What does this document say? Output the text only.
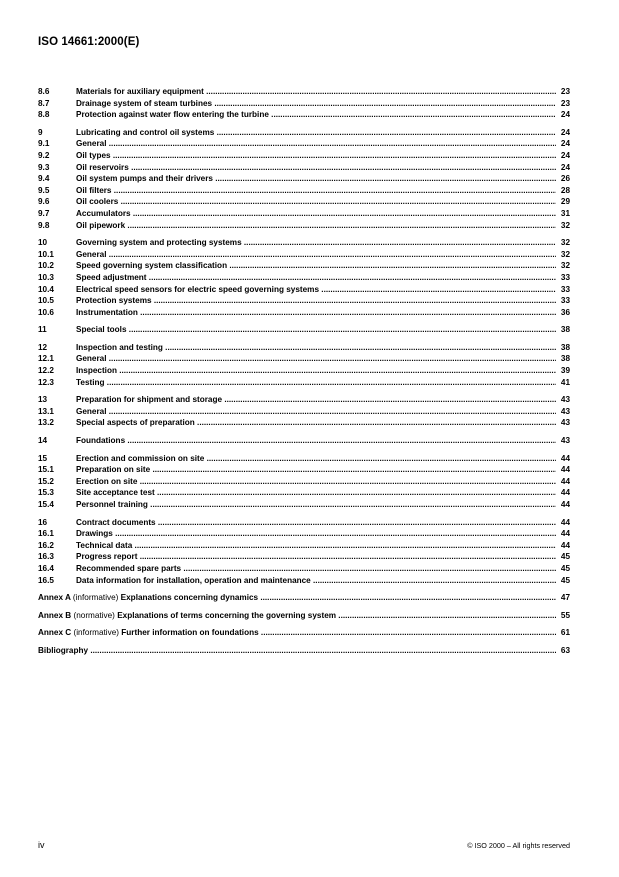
ISO 14661:2000(E)
8.6	Materials for auxiliary equipment .....	23
8.7	Drainage system of steam turbines .....	23
8.8	Protection against water flow entering the turbine .....	24
9	Lubricating and control oil systems .....	24
9.1	General .....	24
9.2	Oil types .....	24
9.3	Oil reservoirs .....	24
9.4	Oil system pumps and their drivers .....	26
9.5	Oil filters .....	28
9.6	Oil coolers .....	29
9.7	Accumulators .....	31
9.8	Oil pipework .....	32
10	Governing system and protecting systems .....	32
10.1	General .....	32
10.2	Speed governing system classification .....	32
10.3	Speed adjustment .....	33
10.4	Electrical speed sensors for electric speed governing systems .....	33
10.5	Protection systems .....	33
10.6	Instrumentation .....	36
11	Special tools .....	38
12	Inspection and testing .....	38
12.1	General .....	38
12.2	Inspection .....	39
12.3	Testing .....	41
13	Preparation for shipment and storage .....	43
13.1	General .....	43
13.2	Special aspects of preparation .....	43
14	Foundations .....	43
15	Erection and commission on site .....	44
15.1	Preparation on site .....	44
15.2	Erection on site .....	44
15.3	Site acceptance test .....	44
15.4	Personnel training .....	44
16	Contract documents .....	44
16.1	Drawings .....	44
16.2	Technical data .....	44
16.3	Progress report .....	45
16.4	Recommended spare parts .....	45
16.5	Data information for installation, operation and maintenance .....	45
Annex A (informative) Explanations concerning dynamics .....	47
Annex B (normative) Explanations of terms concerning the governing system .....	55
Annex C (informative) Further information on foundations .....	61
Bibliography .....	63
iv	© ISO 2000 – All rights reserved
